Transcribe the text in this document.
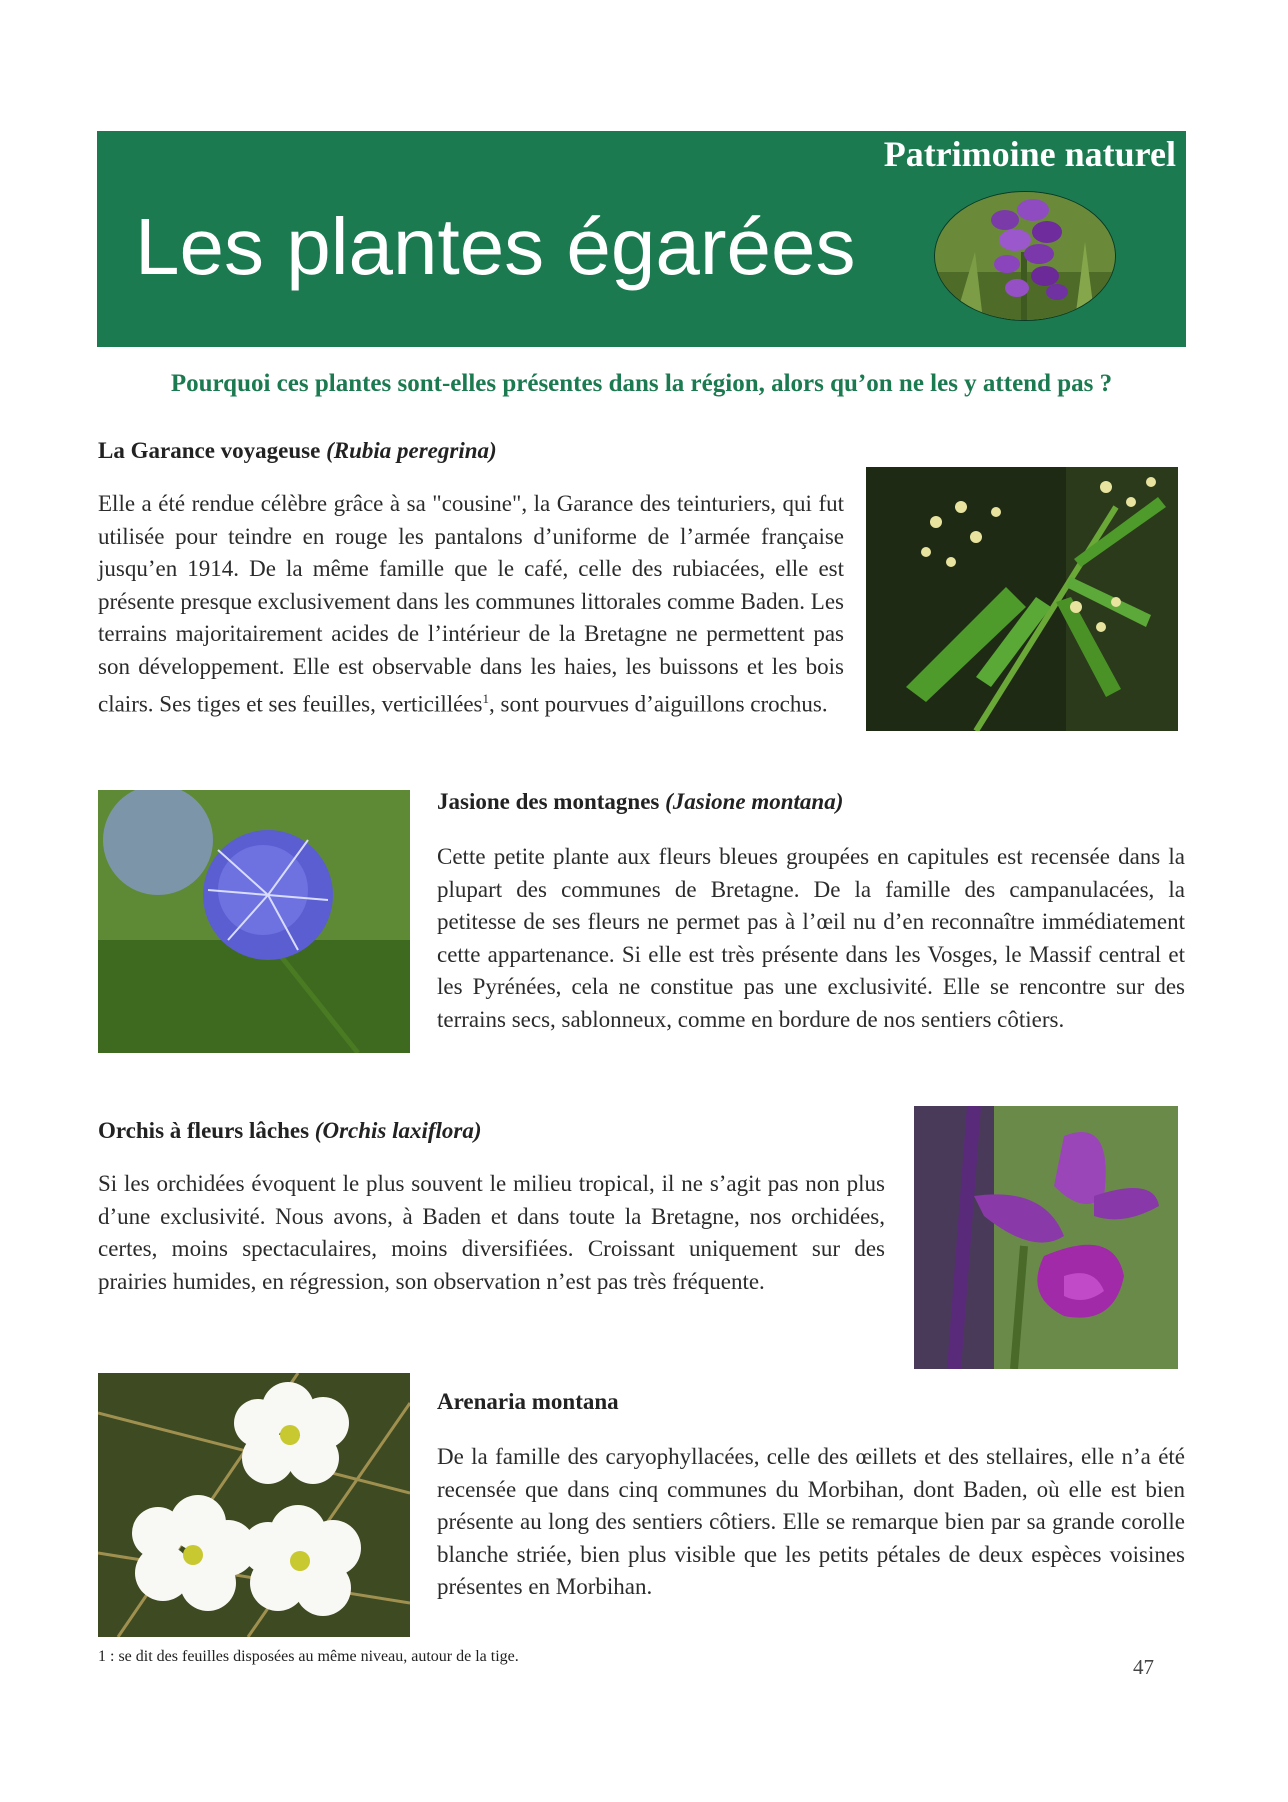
Patrimoine naturel
Les plantes égarées
Pourquoi ces plantes sont-elles présentes dans la région, alors qu’on ne les y attend pas ?
La Garance voyageuse (Rubia peregrina)
Elle a été rendue célèbre grâce à sa "cousine", la Garance des teinturiers, qui fut utilisée pour teindre en rouge les pantalons d’uniforme de l’armée française jusqu’en 1914. De la même famille que le café, celle des rubiacées, elle est présente presque exclusivement dans les communes littorales comme Baden. Les terrains majoritairement acides de l’intérieur de la Bretagne ne permettent pas son développement. Elle est observable dans les haies, les buissons et les bois clairs. Ses tiges et ses feuilles, verticillées$^1$, sont pourvues d’aiguillons crochus.
Jasione des montagnes (Jasione montana)
Cette petite plante aux fleurs bleues groupées en capitules est recensée dans la plupart des communes de Bretagne. De la famille des campanulacées, la petitesse de ses fleurs ne permet pas à l’œil nu d’en reconnaître immédiatement cette appartenance. Si elle est très présente dans les Vosges, le Massif central et les Pyrénées, cela ne constitue pas une exclusivité. Elle se rencontre sur des terrains secs, sablonneux, comme en bordure de nos sentiers côtiers.
Orchis à fleurs lâches (Orchis laxiflora)
Si les orchidées évoquent le plus souvent le milieu tropical, il ne s’agit pas non plus d’une exclusivité. Nous avons, à Baden et dans toute la Bretagne, nos orchidées, certes, moins spectaculaires, moins diversifiées. Croissant uniquement sur des prairies humides, en régression, son observation n’est pas très fréquente.
Arenaria montana
De la famille des caryophyllacées, celle des œillets et des stellaires, elle n’a été recensée que dans cinq communes du Morbihan, dont Baden, où elle est bien présente au long des sentiers côtiers. Elle se remarque bien par sa grande corolle blanche striée, bien plus visible que les petits pétales de deux espèces voisines présentes en Morbihan.
1 : se dit des feuilles disposées au même niveau, autour de la tige.	47
